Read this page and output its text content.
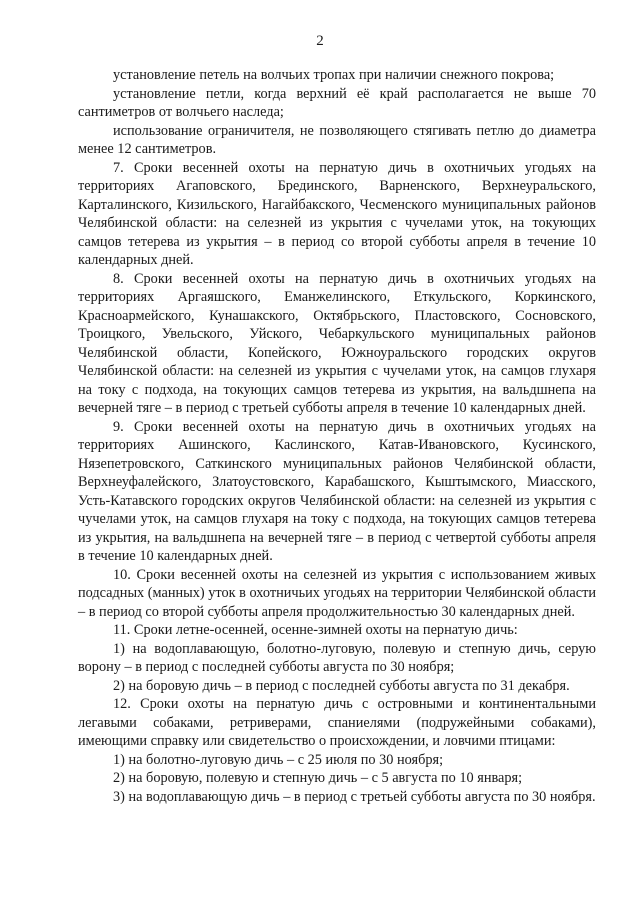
2

установление петель на волчьих тропах при наличии снежного покрова;

установление петли, когда верхний её край располагается не выше 70 сантиметров от волчьего наследа;

использование ограничителя, не позволяющего стягивать петлю до диаметра менее 12 сантиметров.

7. Сроки весенней охоты на пернатую дичь в охотничьих угодьях на территориях Агаповского, Брединского, Варненского, Верхнеуральского, Карталинского, Кизильского, Нагайбакского, Чесменского муниципальных районов Челябинской области: на селезней из укрытия с чучелами уток, на токующих самцов тетерева из укрытия – в период со второй субботы апреля в течение 10 календарных дней.

8. Сроки весенней охоты на пернатую дичь в охотничьих угодьях на территориях Аргаяшского, Еманжелинского, Еткульского, Коркинского, Красноармейского, Кунашакского, Октябрьского, Пластовского, Сосновского, Троицкого, Увельского, Уйского, Чебаркульского муниципальных районов Челябинской области, Копейского, Южноуральского городских округов Челябинской области: на селезней из укрытия с чучелами уток, на самцов глухаря на току с подхода, на токующих самцов тетерева из укрытия, на вальдшнепа на вечерней тяге – в период с третьей субботы апреля в течение 10 календарных дней.

9. Сроки весенней охоты на пернатую дичь в охотничьих угодьях на территориях Ашинского, Каслинского, Катав-Ивановского, Кусинского, Нязепетровского, Саткинского муниципальных районов Челябинской области, Верхнеуфалейского, Златоустовского, Карабашского, Кыштымского, Миасского, Усть-Катавского городских округов Челябинской области: на селезней из укрытия с чучелами уток, на самцов глухаря на току с подхода, на токующих самцов тетерева из укрытия, на вальдшнепа на вечерней тяге – в период с четвертой субботы апреля в течение 10 календарных дней.

10. Сроки весенней охоты на селезней из укрытия с использованием живых подсадных (манных) уток в охотничьих угодьях на территории Челябинской области – в период со второй субботы апреля продолжительностью 30 календарных дней.

11. Сроки летне-осенней, осенне-зимней охоты на пернатую дичь:

1) на водоплавающую, болотно-луговую, полевую и степную дичь, серую ворону – в период с последней субботы августа по 30 ноября;

2) на боровую дичь – в период с последней субботы августа по 31 декабря.

12. Сроки охоты на пернатую дичь с островными и континентальными легавыми собаками, ретриверами, спаниелями (подружейными собаками), имеющими справку или свидетельство о происхождении, и ловчими птицами:

1) на болотно-луговую дичь – с 25 июля по 30 ноября;

2) на боровую, полевую и степную дичь – с 5 августа по 10 января;

3) на водоплавающую дичь – в период с третьей субботы августа по 30 ноября.
